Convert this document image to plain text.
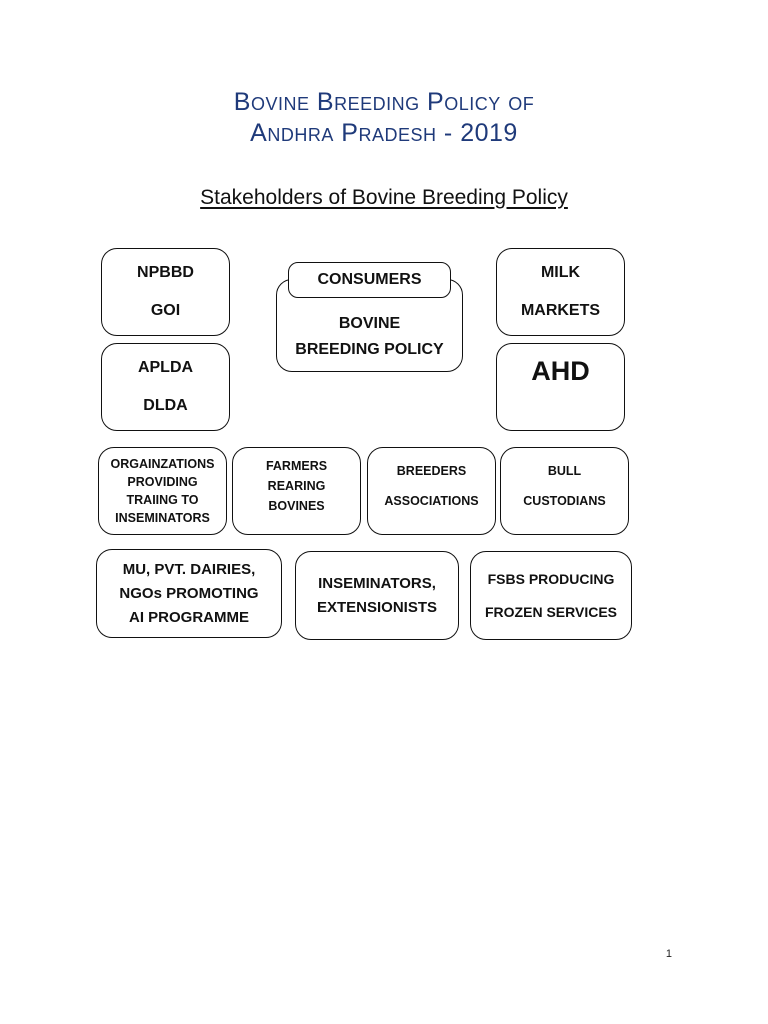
Bovine Breeding Policy of
Andhra Pradesh - 2019
Stakeholders of Bovine Breeding Policy
NPBBD
GOI
BOVINE
BREEDING POLICY
CONSUMERS	MILK
MARKETS
APLDA
DLDA
AHD
ORGAINZATIONS
PROVIDING
TRAIING TO
INSEMINATORS
FARMERS
REARING
BOVINES
BREEDERS
ASSOCIATIONS
BULL
CUSTODIANS
MU, PVT. DAIRIES,
NGOs PROMOTING
AI PROGRAMME
INSEMINATORS,
EXTENSIONISTS
FSBS PRODUCING
FROZEN SERVICES
1
